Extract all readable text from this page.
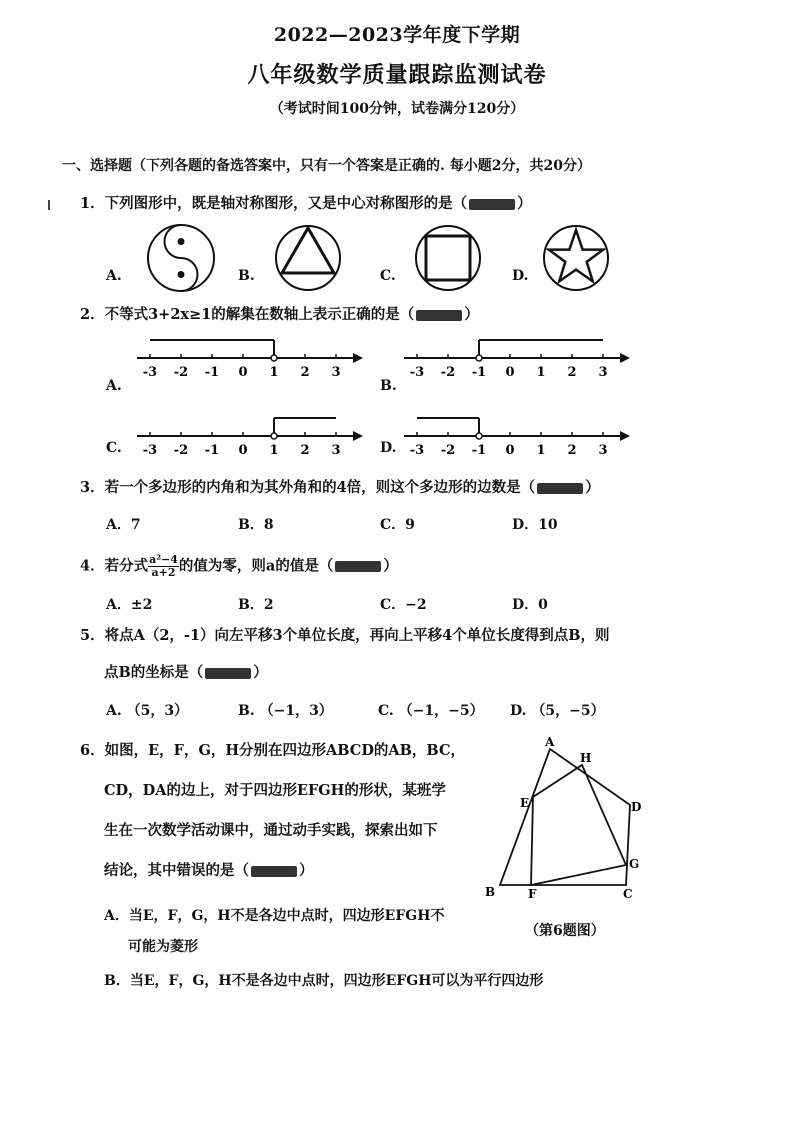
2022—2023学年度下学期
八年级数学质量跟踪监测试卷
（考试时间100分钟，试卷满分120分）
一、选择题（下列各题的备选答案中，只有一个答案是正确的. 每小题2分，共20分）
1．下列图形中，既是轴对称图形，又是中心对称图形的是（	）
A.	B.	C.	D.
2．不等式3+2x≥1的解集在数轴上表示正确的是（	）
A.
-3 -2 -1 0 1 2 3
B.
-3 -2 -1 0 1 2 3
C. -3 -2 -1 0 1 2 3	D. -3 -2 -1 0 1 2 3
3．若一个多边形的内角和为其外角和的4倍，则这个多边形的边数是（	）
A．7	B．8	C．9	D．10
4．若分式 $\frac{\text{a²−4}}{a+2}$ 的值为零，则a的值是（	）
A．±2	B．2	C．−2	D．0
5．将点A（2，-1）向左平移3个单位长度，再向上平移4个单位长度得到点B，则
点B的坐标是（	）
A. （5，3）	B. （−1，3）	C. （−1，−5） D. （5，−5）
6．如图，E，F，G，H分别在四边形ABCD的AB，BC，
CD，DA的边上，对于四边形EFGH的形状，某班学
生在一次数学活动课中，通过动手实践，探索出如下
结论，其中错误的是（	）
A．当E，F，G，H不是各边中点时，四边形EFGH不
可能为菱形
B．当E，F，G，H不是各边中点时，四边形EFGH可以为平行四边形
A
H
D
E
G
B	F	C
（第6题图）
